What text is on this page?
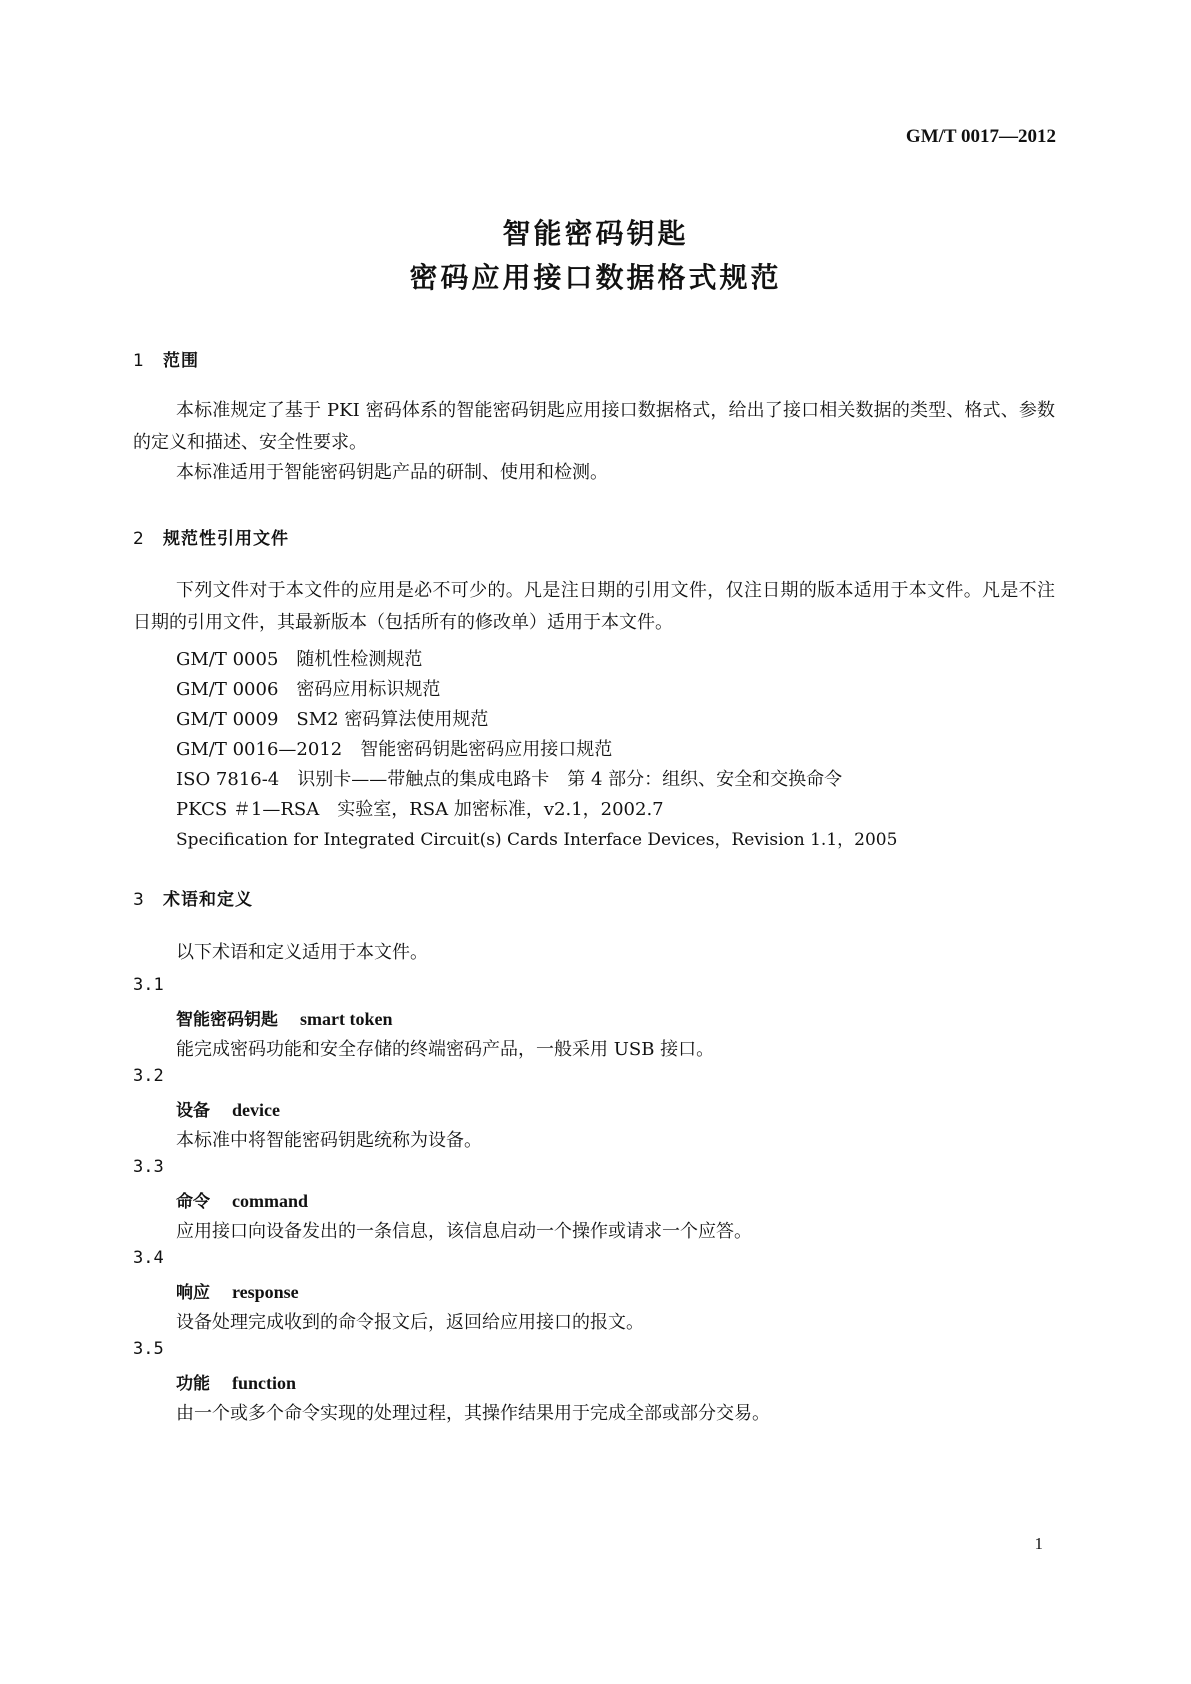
GM/T 0017—2012
智能密码钥匙
密码应用接口数据格式规范
1 范围
本标准规定了基于 PKI 密码体系的智能密码钥匙应用接口数据格式，给出了接口相关数据的类型、格式、参数的定义和描述、安全性要求。
本标准适用于智能密码钥匙产品的研制、使用和检测。
2 规范性引用文件
下列文件对于本文件的应用是必不可少的。凡是注日期的引用文件，仅注日期的版本适用于本文件。凡是不注日期的引用文件，其最新版本（包括所有的修改单）适用于本文件。
GM/T 0005 随机性检测规范
GM/T 0006 密码应用标识规范
GM/T 0009 SM2 密码算法使用规范
GM/T 0016—2012 智能密码钥匙密码应用接口规范
ISO 7816-4 识别卡——带触点的集成电路卡　第 4 部分：组织、安全和交换命令
PKCS ＃1—RSA 实验室，RSA 加密标准，v2.1，2002.7
Specification for Integrated Circuit(s) Cards Interface Devices，Revision 1.1，2005
3 术语和定义
以下术语和定义适用于本文件。
3.1
智能密码钥匙 smart token
能完成密码功能和安全存储的终端密码产品，一般采用 USB 接口。
3.2
设备 device
本标准中将智能密码钥匙统称为设备。
3.3
命令 command
应用接口向设备发出的一条信息，该信息启动一个操作或请求一个应答。
3.4
响应 response
设备处理完成收到的命令报文后，返回给应用接口的报文。
3.5
功能 function
由一个或多个命令实现的处理过程，其操作结果用于完成全部或部分交易。
1
